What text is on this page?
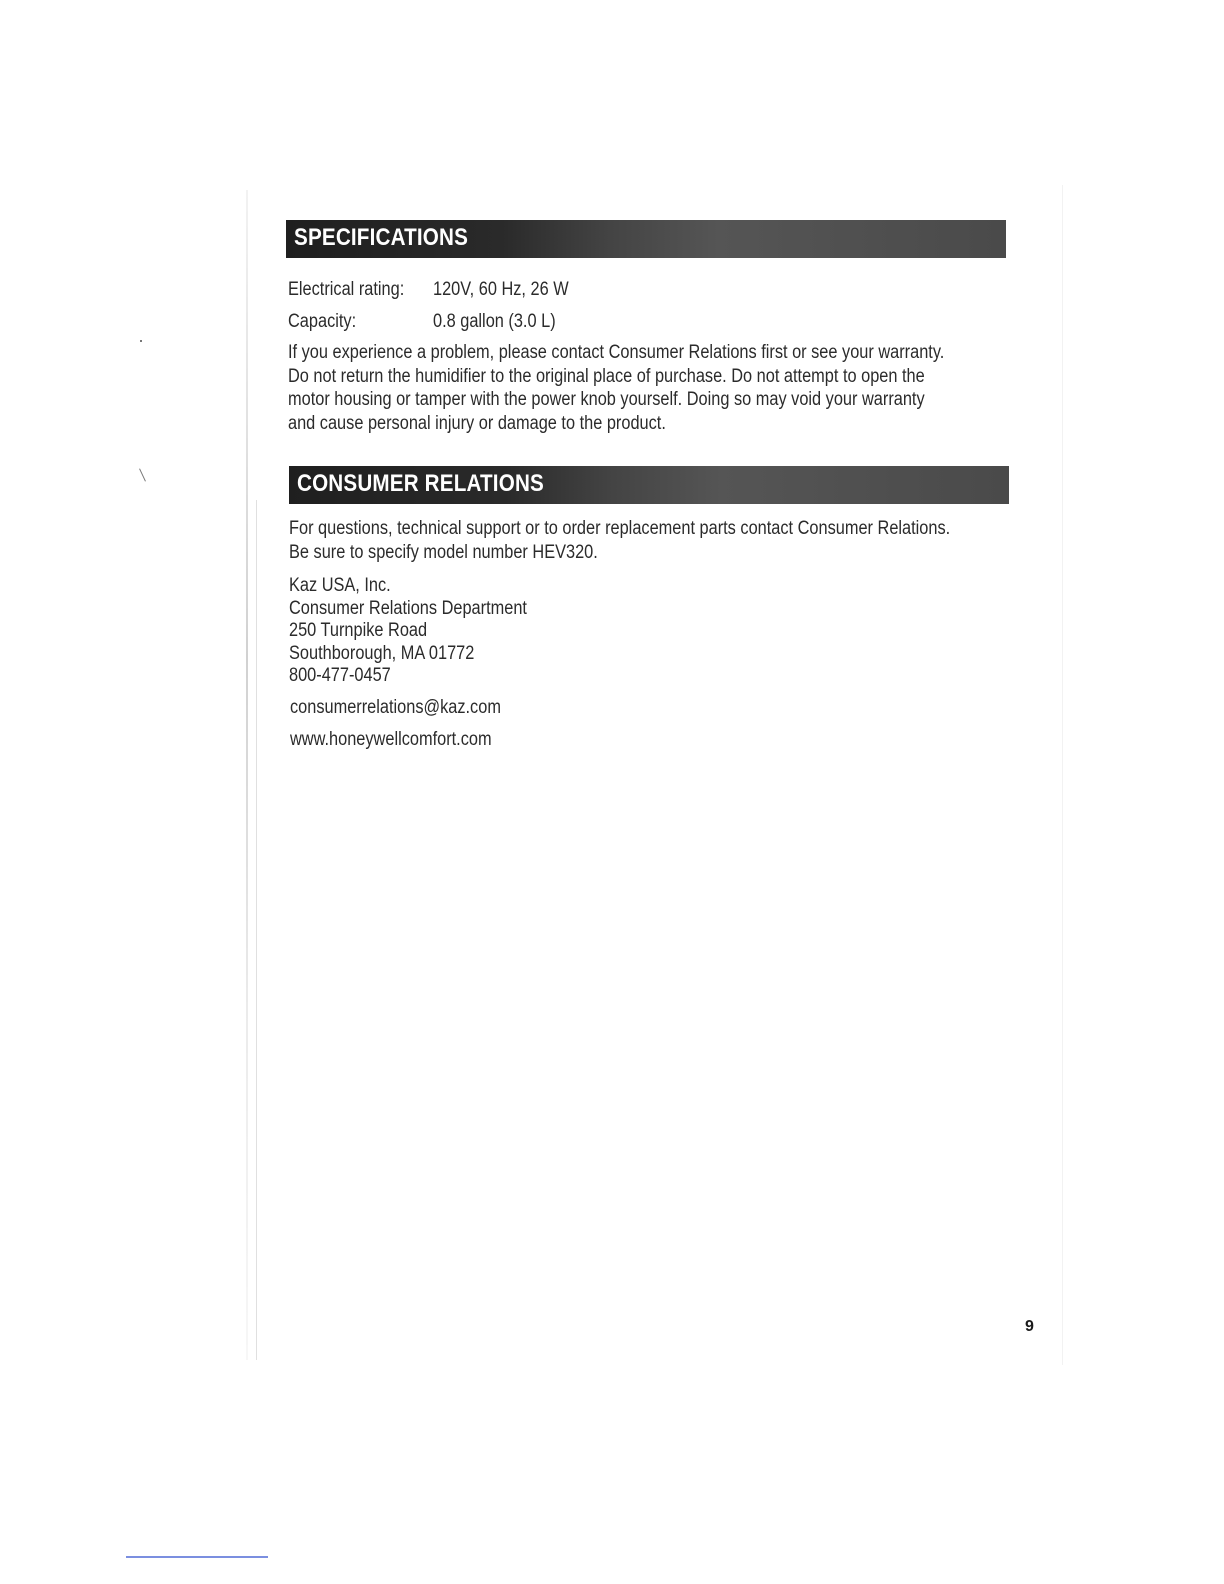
SPECIFICATIONS
Electrical rating: 120V, 60 Hz, 26 W
Capacity:	0.8 gallon (3.0 L)
If you experience a problem, please contact Consumer Relations first or see your warranty.
Do not return the humidifier to the original place of purchase. Do not attempt to open the
motor housing or tamper with the power knob yourself. Doing so may void your warranty
and cause personal injury or damage to the product.
CONSUMER RELATIONS
For questions, technical support or to order replacement parts contact Consumer Relations.
Be sure to specify model number HEV320.
Kaz USA, Inc.
Consumer Relations Department
250 Turnpike Road
Southborough, MA 01772
800-477-0457
consumerrelations@kaz.com
www.honeywellcomfort.com
9
